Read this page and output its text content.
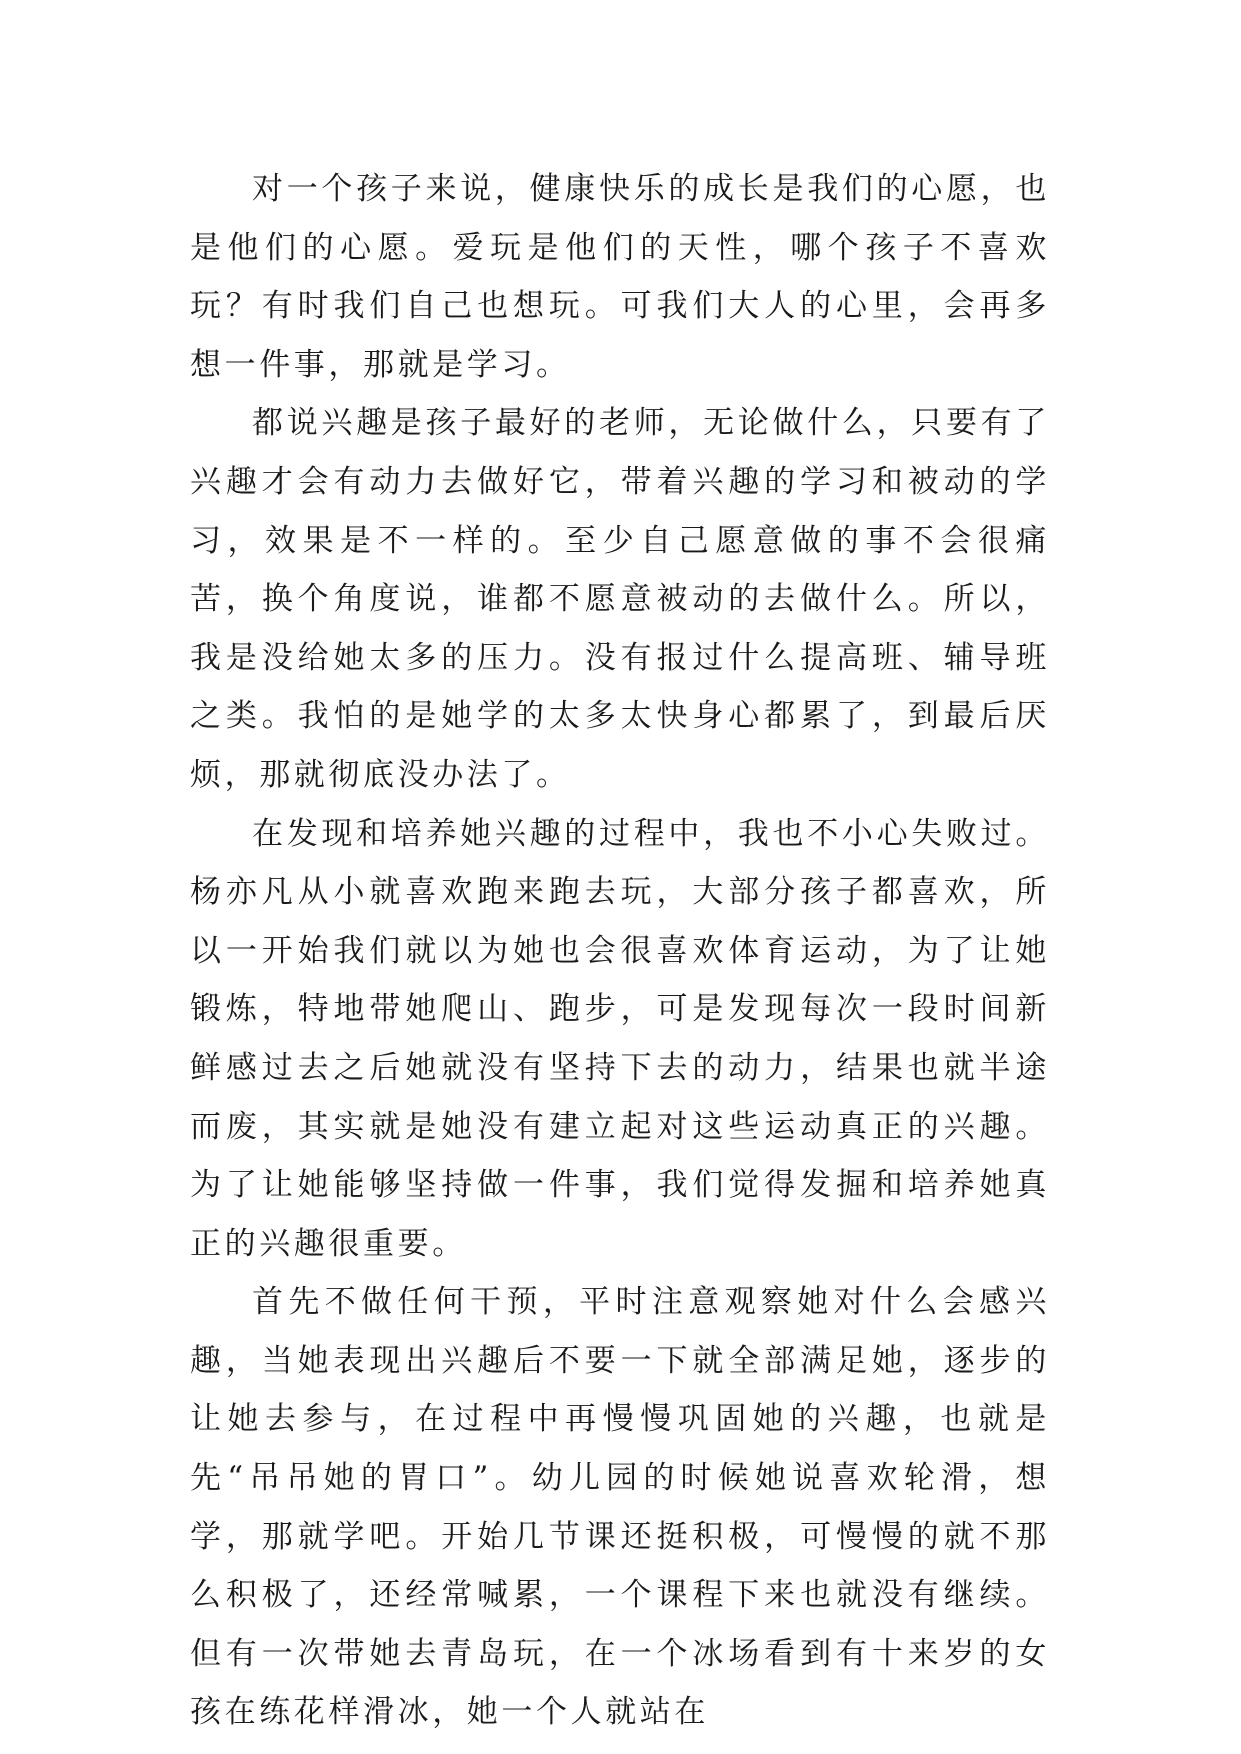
对一个孩子来说，健康快乐的成长是我们的心愿，也是他们的心愿。爱玩是他们的天性，哪个孩子不喜欢玩？有时我们自己也想玩。可我们大人的心里，会再多想一件事，那就是学习。

都说兴趣是孩子最好的老师，无论做什么，只要有了兴趣才会有动力去做好它，带着兴趣的学习和被动的学习，效果是不一样的。至少自己愿意做的事不会很痛苦，换个角度说，谁都不愿意被动的去做什么。所以，我是没给她太多的压力。没有报过什么提高班、辅导班之类。我怕的是她学的太多太快身心都累了，到最后厌烦，那就彻底没办法了。

在发现和培养她兴趣的过程中，我也不小心失败过。杨亦凡从小就喜欢跑来跑去玩，大部分孩子都喜欢，所以一开始我们就以为她也会很喜欢体育运动，为了让她锻炼，特地带她爬山、跑步，可是发现每次一段时间新鲜感过去之后她就没有坚持下去的动力，结果也就半途而废，其实就是她没有建立起对这些运动真正的兴趣。为了让她能够坚持做一件事，我们觉得发掘和培养她真正的兴趣很重要。

首先不做任何干预，平时注意观察她对什么会感兴趣，当她表现出兴趣后不要一下就全部满足她，逐步的让她去参与，在过程中再慢慢巩固她的兴趣，也就是先“吊吊她的胃口”。幼儿园的时候她说喜欢轮滑，想学，那就学吧。开始几节课还挺积极，可慢慢的就不那么积极了，还经常喊累，一个课程下来也就没有继续。但有一次带她去青岛玩，在一个冰场看到有十来岁的女孩在练花样滑冰，她一个人就站在
